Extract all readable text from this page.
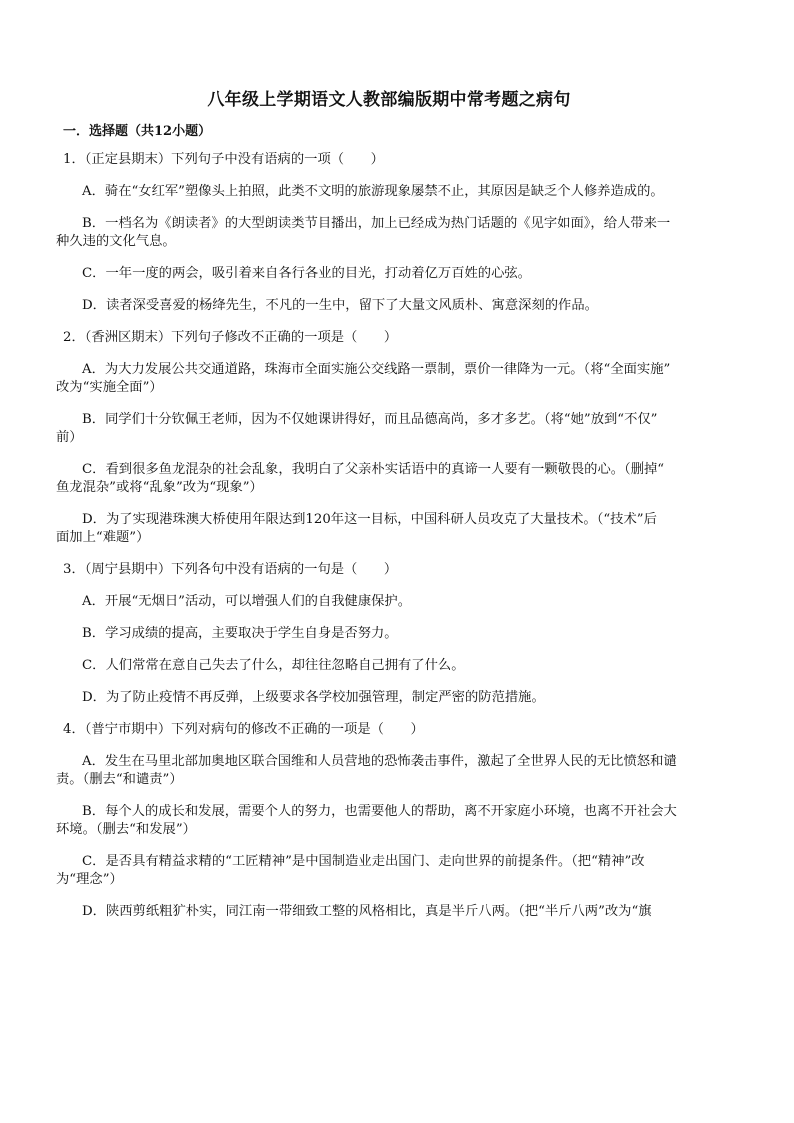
八年级上学期语文人教部编版期中常考题之病句
一．选择题（共12小题）
1．（正定县期末）下列句子中没有语病的一项（　　）
A．骑在“女红军”塑像头上拍照，此类不文明的旅游现象屡禁不止，其原因是缺乏个人修养造成的。
B．一档名为《朗读者》的大型朗读类节目播出，加上已经成为热门话题的《见字如面》，给人带来一
种久违的文化气息。
C．一年一度的两会，吸引着来自各行各业的目光，打动着亿万百姓的心弦。
D．读者深受喜爱的杨绛先生，不凡的一生中，留下了大量文风质朴、寓意深刻的作品。
2．（香洲区期末）下列句子修改不正确的一项是（　　）
A．为大力发展公共交通道路，珠海市全面实施公交线路一票制，票价一律降为一元。（将“全面实施”
改为“实施全面”）
B．同学们十分钦佩王老师，因为不仅她课讲得好，而且品德高尚，多才多艺。（将“她”放到“不仅”
前）
C．看到很多鱼龙混杂的社会乱象，我明白了父亲朴实话语中的真谛一人要有一颗敬畏的心。（删掉“
鱼龙混杂”或将“乱象”改为“现象”）
D．为了实现港珠澳大桥使用年限达到120年这一目标，中国科研人员攻克了大量技术。（“技术”后
面加上“难题”）
3．（周宁县期中）下列各句中没有语病的一句是（　　）
A．开展“无烟日”活动，可以增强人们的自我健康保护。
B．学习成绩的提高，主要取决于学生自身是否努力。
C．人们常常在意自己失去了什么，却往往忽略自己拥有了什么。
D．为了防止疫情不再反弹，上级要求各学校加强管理，制定严密的防范措施。
4．（普宁市期中）下列对病句的修改不正确的一项是（　　）
A．发生在马里北部加奥地区联合国维和人员营地的恐怖袭击事件，激起了全世界人民的无比愤怒和谴
责。（删去“和谴责”）
B．每个人的成长和发展，需要个人的努力，也需要他人的帮助，离不开家庭小环境，也离不开社会大
环境。（删去“和发展”）
C．是否具有精益求精的“工匠精神”是中国制造业走出国门、走向世界的前提条件。（把“精神”改
为“理念”）
D．陕西剪纸粗犷朴实，同江南一带细致工整的风格相比，真是半斤八两。（把“半斤八两”改为“旗
